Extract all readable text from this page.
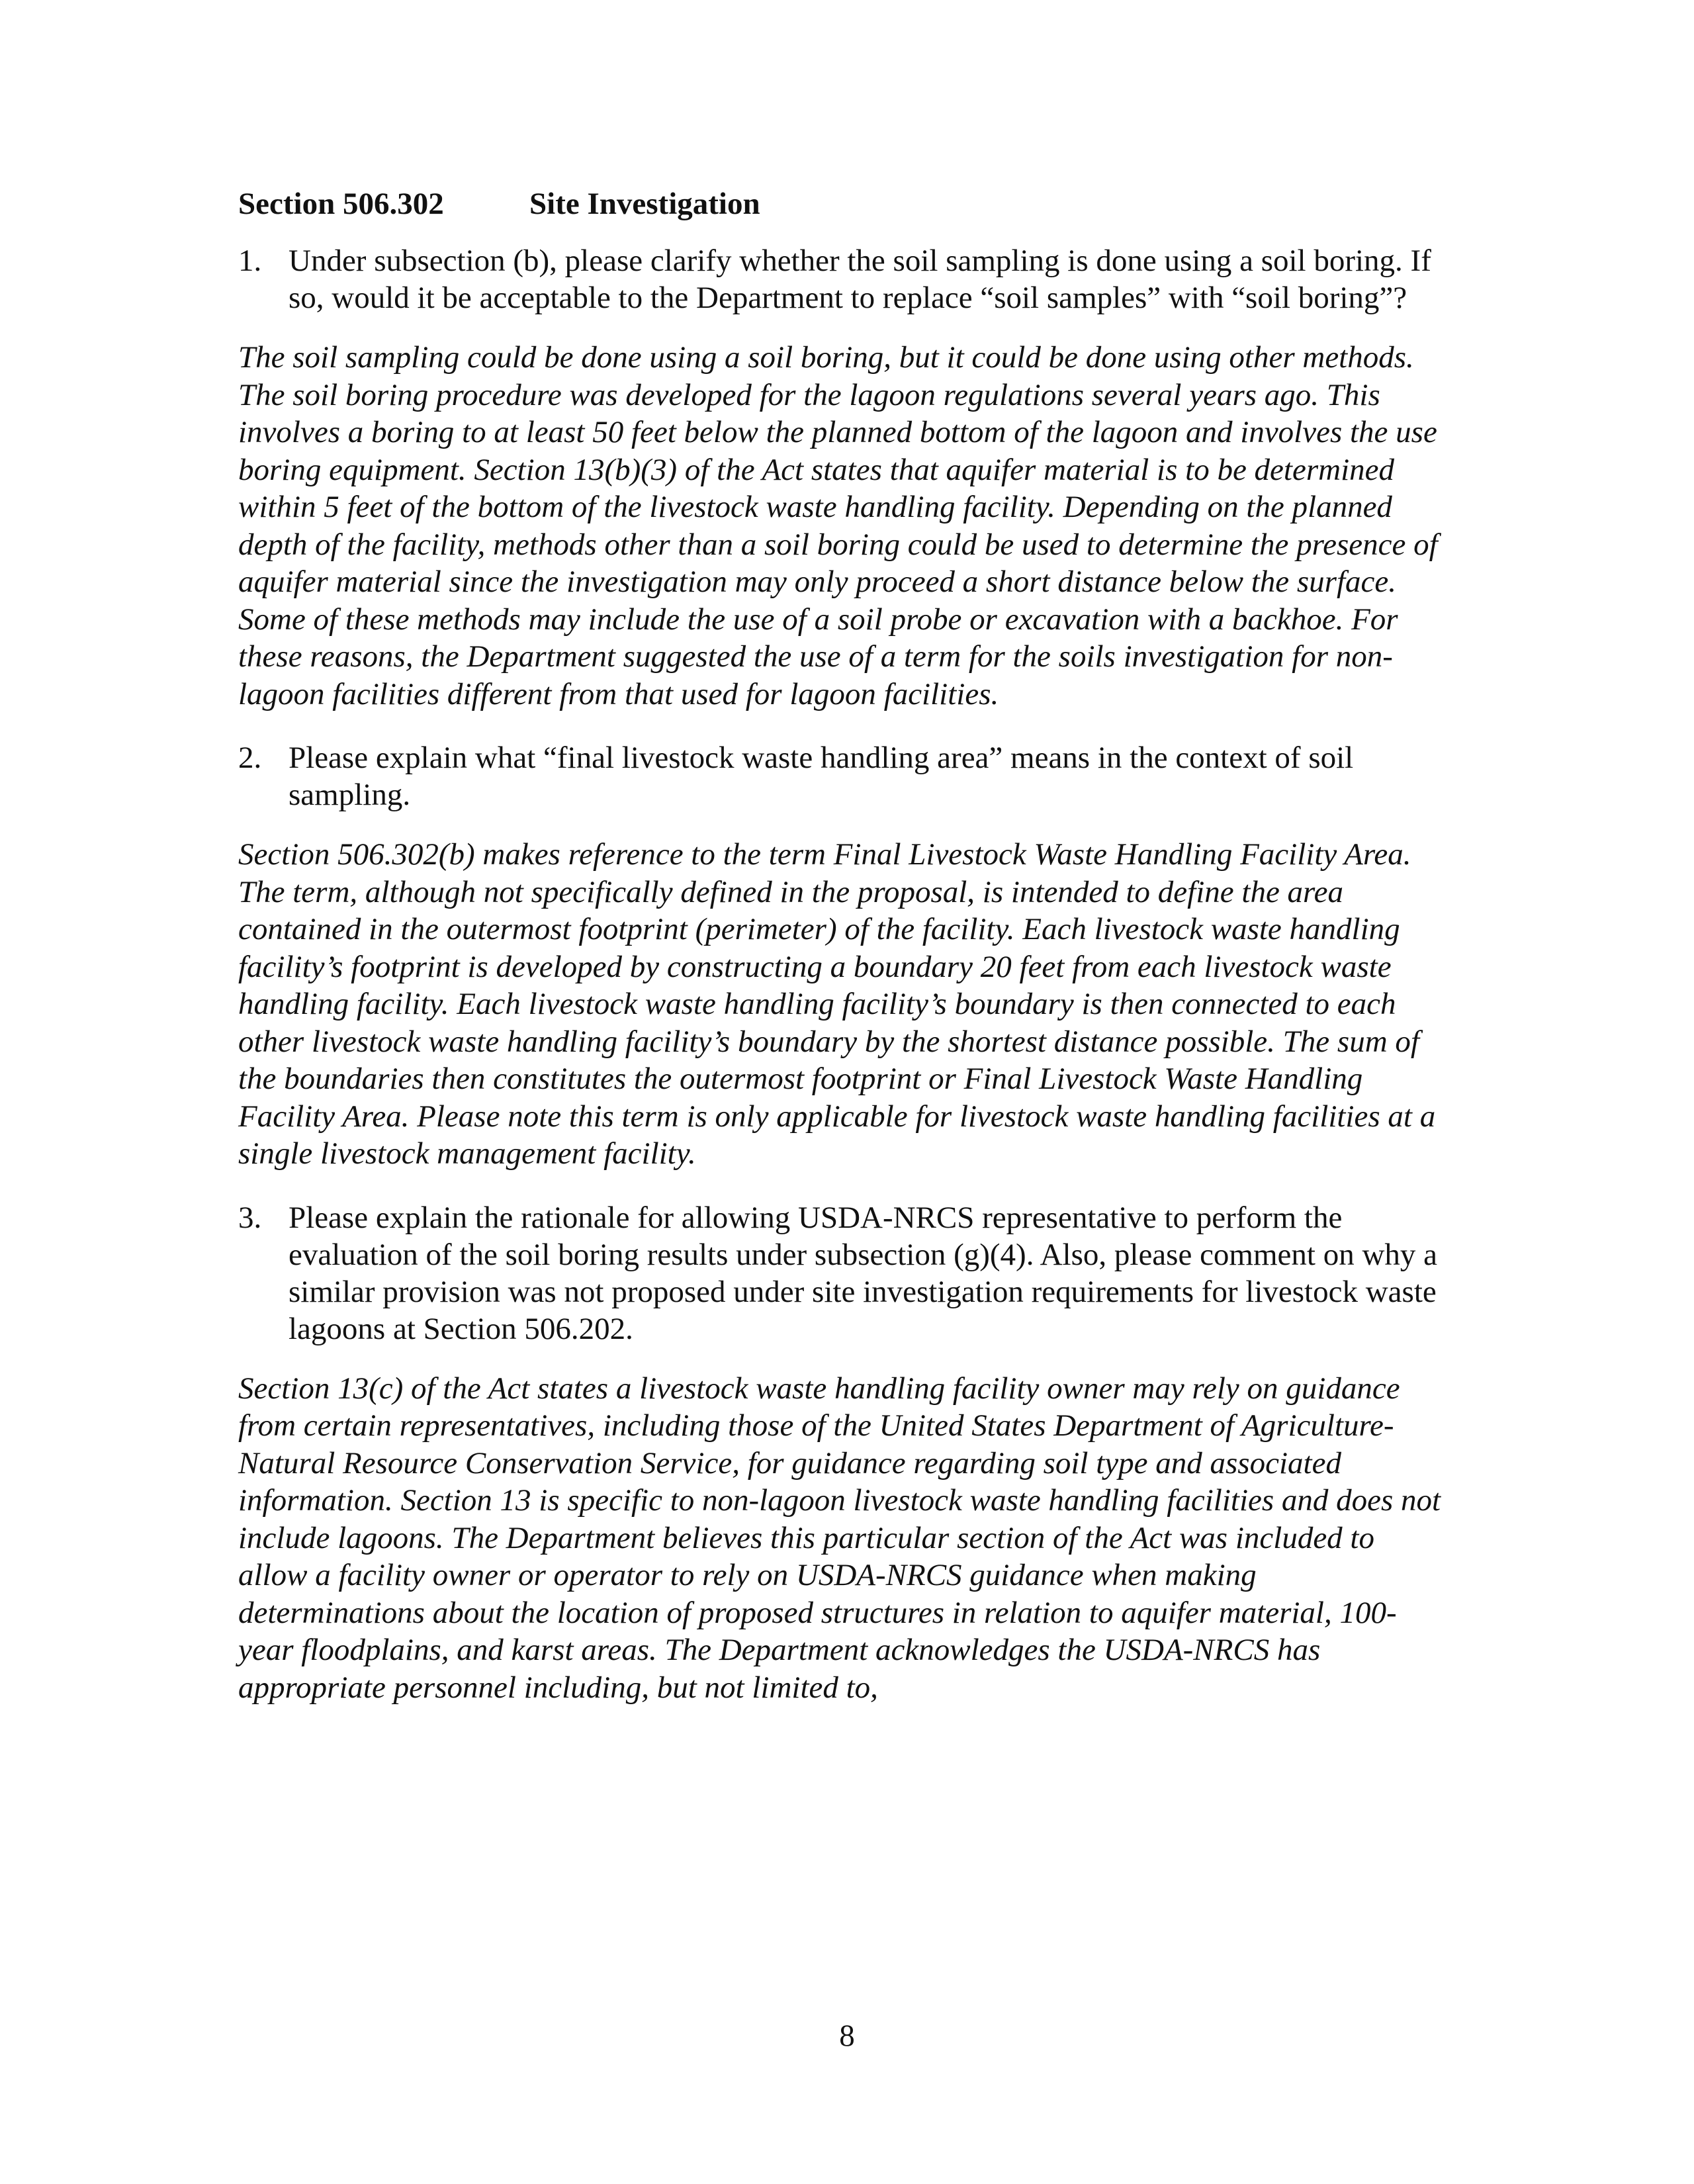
Section 506.302	Site Investigation
1. Under subsection (b), please clarify whether the soil sampling is done using a soil boring. If so, would it be acceptable to the Department to replace “soil samples” with “soil boring”?
The soil sampling could be done using a soil boring, but it could be done using other methods. The soil boring procedure was developed for the lagoon regulations several years ago. This involves a boring to at least 50 feet below the planned bottom of the lagoon and involves the use boring equipment. Section 13(b)(3) of the Act states that aquifer material is to be determined within 5 feet of the bottom of the livestock waste handling facility. Depending on the planned depth of the facility, methods other than a soil boring could be used to determine the presence of aquifer material since the investigation may only proceed a short distance below the surface. Some of these methods may include the use of a soil probe or excavation with a backhoe. For these reasons, the Department suggested the use of a term for the soils investigation for non-lagoon facilities different from that used for lagoon facilities.
2. Please explain what “final livestock waste handling area” means in the context of soil sampling.
Section 506.302(b) makes reference to the term Final Livestock Waste Handling Facility Area. The term, although not specifically defined in the proposal, is intended to define the area contained in the outermost footprint (perimeter) of the facility. Each livestock waste handling facility’s footprint is developed by constructing a boundary 20 feet from each livestock waste handling facility. Each livestock waste handling facility’s boundary is then connected to each other livestock waste handling facility’s boundary by the shortest distance possible. The sum of the boundaries then constitutes the outermost footprint or Final Livestock Waste Handling Facility Area. Please note this term is only applicable for livestock waste handling facilities at a single livestock management facility.
3. Please explain the rationale for allowing USDA-NRCS representative to perform the evaluation of the soil boring results under subsection (g)(4). Also, please comment on why a similar provision was not proposed under site investigation requirements for livestock waste lagoons at Section 506.202.
Section 13(c) of the Act states a livestock waste handling facility owner may rely on guidance from certain representatives, including those of the United States Department of Agriculture-Natural Resource Conservation Service, for guidance regarding soil type and associated information. Section 13 is specific to non-lagoon livestock waste handling facilities and does not include lagoons. The Department believes this particular section of the Act was included to allow a facility owner or operator to rely on USDA-NRCS guidance when making determinations about the location of proposed structures in relation to aquifer material, 100-year floodplains, and karst areas. The Department acknowledges the USDA-NRCS has appropriate personnel including, but not limited to,
8
